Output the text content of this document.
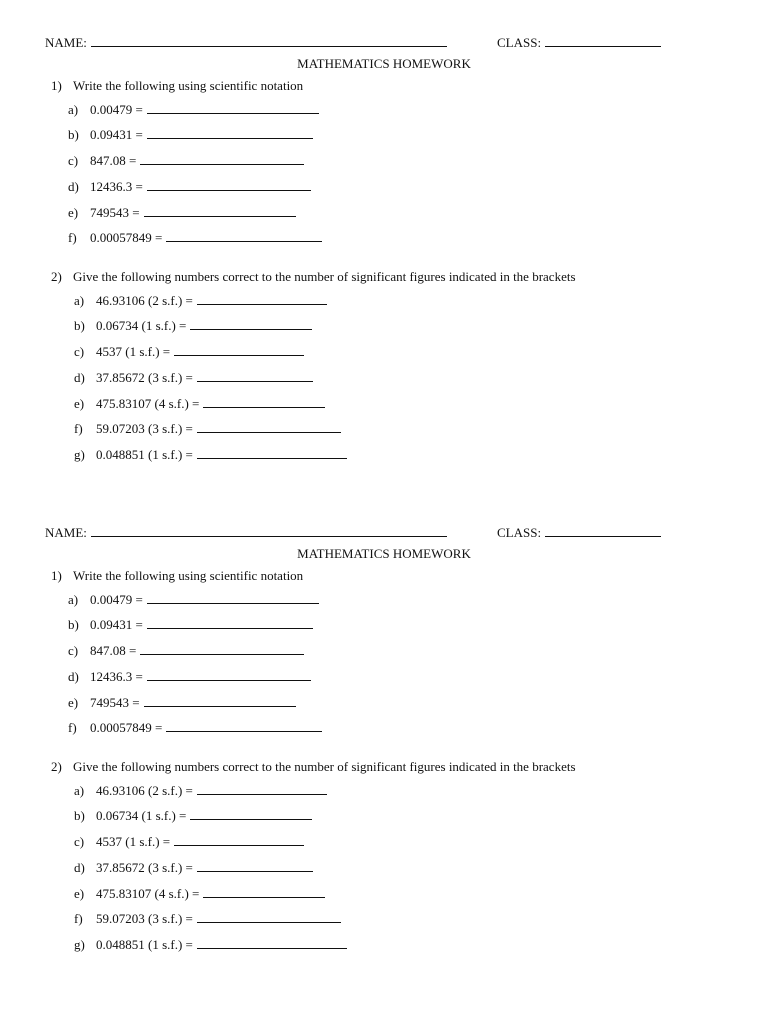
NAME:	CLASS:
MATHEMATICS HOMEWORK
1) Write the following using scientific notation
a) 0.00479 =
b) 0.09431 =
c) 847.08 =
d) 12436.3 =
e) 749543 =
f) 0.00057849 =
2) Give the following numbers correct to the number of significant figures indicated in the brackets
a) 46.93106 (2 s.f.) =
b) 0.06734 (1 s.f.) =
c) 4537 (1 s.f.) =
d) 37.85672 (3 s.f.) =
e) 475.83107 (4 s.f.) =
f) 59.07203 (3 s.f.) =
g) 0.048851 (1 s.f.) =
NAME:	CLASS:
MATHEMATICS HOMEWORK
1) Write the following using scientific notation
a) 0.00479 =
b) 0.09431 =
c) 847.08 =
d) 12436.3 =
e) 749543 =
f) 0.00057849 =
2) Give the following numbers correct to the number of significant figures indicated in the brackets
a) 46.93106 (2 s.f.) =
b) 0.06734 (1 s.f.) =
c) 4537 (1 s.f.) =
d) 37.85672 (3 s.f.) =
e) 475.83107 (4 s.f.) =
f) 59.07203 (3 s.f.) =
g) 0.048851 (1 s.f.) =
